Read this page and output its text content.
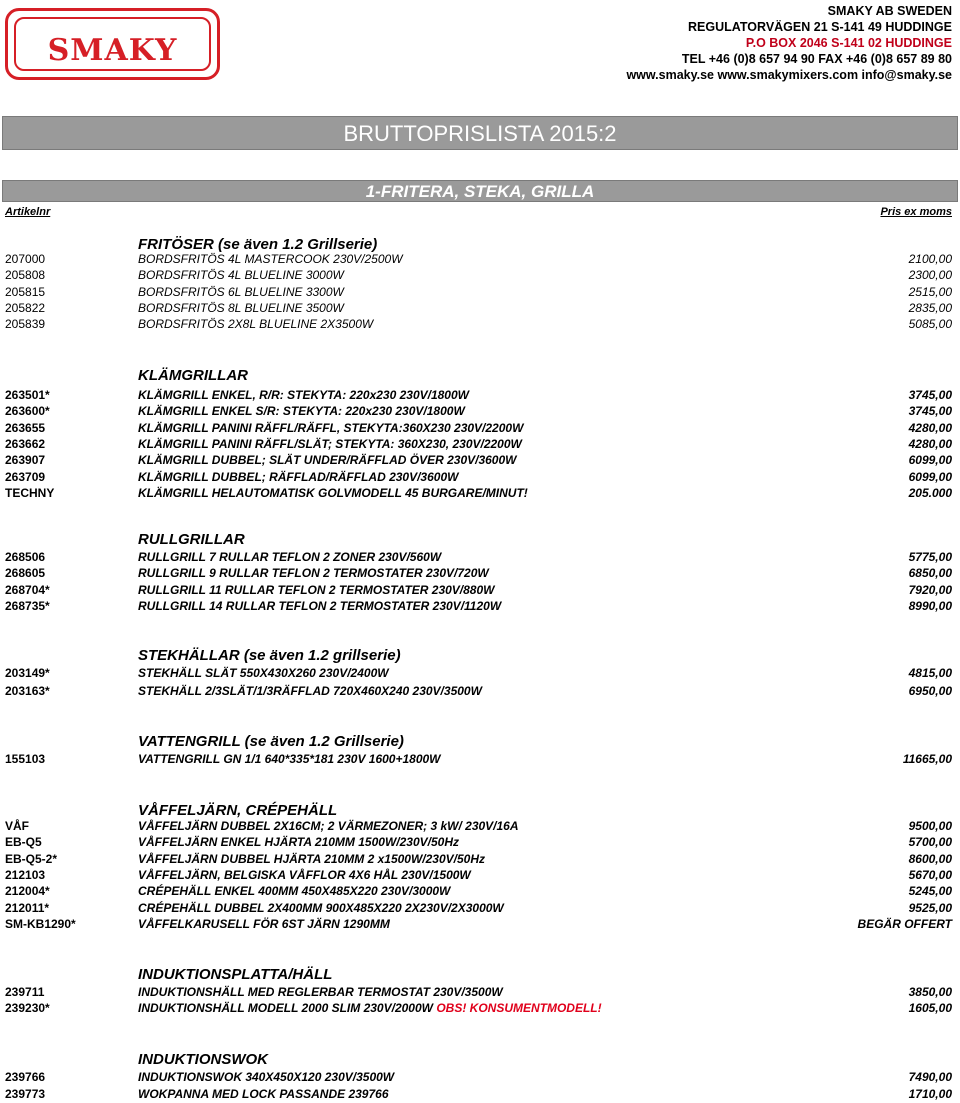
SMAKY
SMAKY AB SWEDEN
REGULATORVÄGEN 21 S-141 49 HUDDINGE
P.O BOX 2046 S-141 02 HUDDINGE
TEL +46 (0)8 657 94 90 FAX +46 (0)8 657 89 80
www.smaky.se www.smakymixers.com info@smaky.se
BRUTTOPRISLISTA 2015:2
1-FRITERA, STEKA, GRILLA
Artikelnr	Pris ex moms
FRITÖSER (se även 1.2 Grillserie)
207000	BORDSFRITÖS 4L MASTERCOOK 230V/2500W	2100,00
205808	BORDSFRITÖS 4L BLUELINE 3000W	2300,00
205815	BORDSFRITÖS 6L BLUELINE 3300W	2515,00
205822	BORDSFRITÖS 8L BLUELINE 3500W	2835,00
205839	BORDSFRITÖS 2X8L BLUELINE 2X3500W	5085,00
KLÄMGRILLAR
263501*	KLÄMGRILL ENKEL, R/R: STEKYTA: 220x230 230V/1800W	3745,00
263600*	KLÄMGRILL ENKEL S/R: STEKYTA: 220x230 230V/1800W	3745,00
263655	KLÄMGRILL PANINI RÄFFL/RÄFFL, STEKYTA:360X230 230V/2200W	4280,00
263662	KLÄMGRILL PANINI RÄFFL/SLÄT; STEKYTA: 360X230, 230V/2200W	4280,00
263907	KLÄMGRILL DUBBEL; SLÄT UNDER/RÄFFLAD ÖVER 230V/3600W	6099,00
263709	KLÄMGRILL DUBBEL; RÄFFLAD/RÄFFLAD 230V/3600W	6099,00
TECHNY	KLÄMGRILL HELAUTOMATISK GOLVMODELL 45 BURGARE/MINUT!	205.000
RULLGRILLAR
268506	RULLGRILL 7 RULLAR TEFLON 2 ZONER 230V/560W	5775,00
268605	RULLGRILL 9 RULLAR TEFLON 2 TERMOSTATER 230V/720W	6850,00
268704*	RULLGRILL 11 RULLAR TEFLON 2 TERMOSTATER 230V/880W	7920,00
268735*	RULLGRILL 14 RULLAR TEFLON 2 TERMOSTATER 230V/1120W	8990,00
STEKHÄLLAR (se även 1.2 grillserie)
203149*	STEKHÄLL SLÄT 550X430X260 230V/2400W	4815,00
203163*	STEKHÄLL 2/3SLÄT/1/3RÄFFLAD 720X460X240 230V/3500W	6950,00
VATTENGRILL (se även 1.2 Grillserie)
155103	VATTENGRILL GN 1/1 640*335*181 230V 1600+1800W	11665,00
VÅFFELJÄRN, CRÉPEHÄLL
VÅF	VÅFFELJÄRN DUBBEL 2X16CM; 2 VÄRMEZONER; 3 kW/ 230V/16A	9500,00
EB-Q5	VÅFFELJÄRN ENKEL HJÄRTA 210MM 1500W/230V/50Hz	5700,00
EB-Q5-2*	VÅFFELJÄRN DUBBEL HJÄRTA 210MM 2 x1500W/230V/50Hz	8600,00
212103	VÅFFELJÄRN, BELGISKA VÅFFLOR 4X6 HÅL 230V/1500W	5670,00
212004*	CRÉPEHÄLL ENKEL 400MM 450X485X220 230V/3000W	5245,00
212011*	CRÉPEHÄLL DUBBEL 2X400MM 900X485X220 2X230V/2X3000W	9525,00
SM-KB1290*	VÅFFELKARUSELL FÖR 6ST JÄRN 1290MM	BEGÄR OFFERT
INDUKTIONSPLATTA/HÄLL
239711	INDUKTIONSHÄLL MED REGLERBAR TERMOSTAT 230V/3500W	3850,00
239230*	INDUKTIONSHÄLL MODELL 2000 SLIM 230V/2000W OBS! KONSUMENTMODELL!	1605,00
INDUKTIONSWOK
239766	INDUKTIONSWOK 340X450X120 230V/3500W	7490,00
239773	WOKPANNA MED LOCK PASSANDE 239766	1710,00
